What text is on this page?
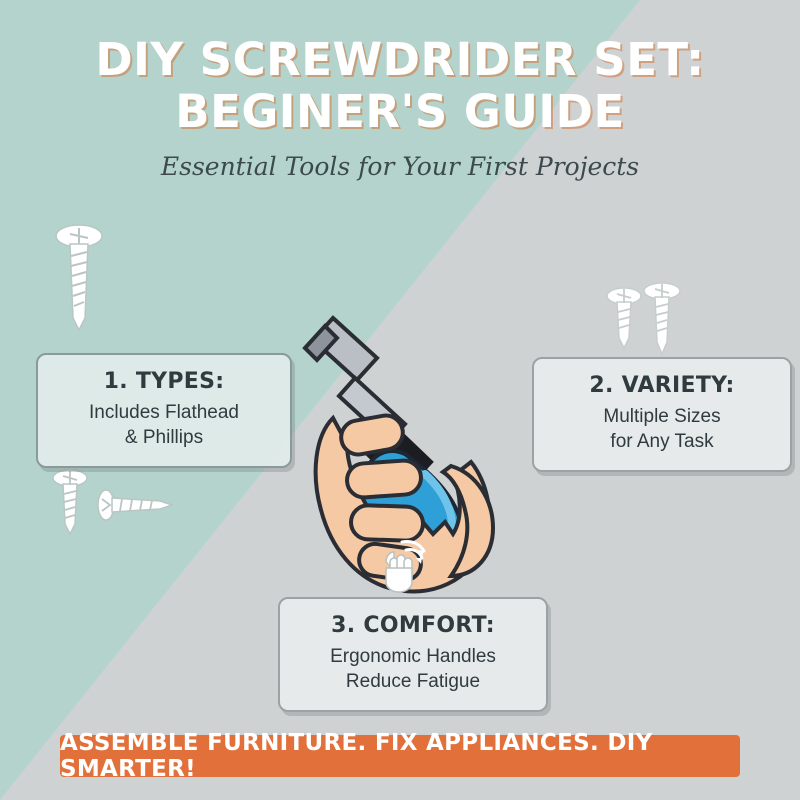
DIY SCREWDRIDER SET:
BEGINER'S GUIDE
Essential Tools for Your First Projects
1. TYPES:

Includes Flathead

& Phillips

2. VARIETY:

Multiple Sizes

for Any Task

3. COMFORT:

Ergonomic Handles

Reduce Fatigue

ASSEMBLE FURNITURE. FIX APPLIANCES. DIY SMARTER!
